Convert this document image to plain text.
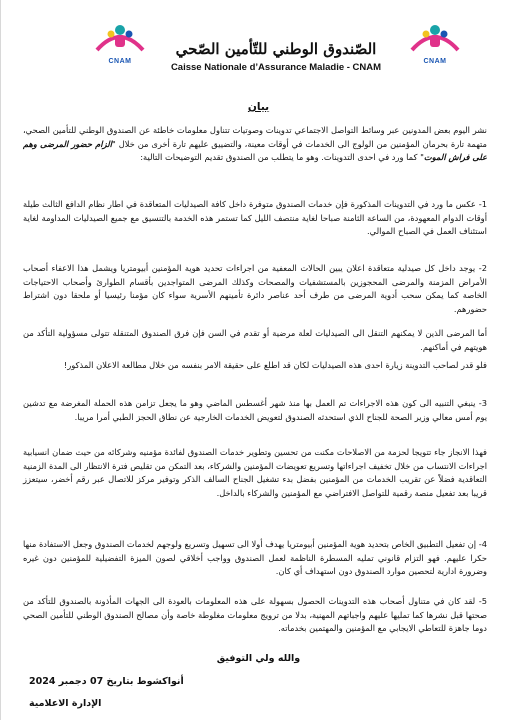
CNAM	CNAM
الصّندوق الوطني للتّأمين الصّحي
Caisse Nationale d’Assurance Maladie - CNAM
بيان
نشر اليوم بعض المدونين عبر وسائط التواصل الاجتماعي تدوينات وصوتيات تتناول معلومات خاطئة عن الصندوق الوطني للتأمين الصحي، متهمة تارة بحرمان المؤمنين من الولوج الى الخدمات في أوقات معينة، والتضييق عليهم تارة أخرى من خلال "الزام حضور المرضى وهم على فراش الموت" كما ورد في احدى التدوينات. وهو ما يتطلب من الصندوق تقديم التوضيحات التالية:
1- عكس ما ورد في التدوينات المذكورة فإن خدمات الصندوق متوفرة داخل كافة الصيدليات المتعاقدة في اطار نظام الدافع الثالث طيلة أوقات الدوام المعهودة، من الساعة الثامنة صباحا لغاية منتصف الليل كما تستمر هذه الخدمة بالتنسيق مع جميع الصيدليات المداومة لغاية استئناف العمل في الصباح الموالي.
2- يوجد داخل كل صيدلية متعاقدة اعلان يبين الحالات المعفية من اجراءات تحديد هوية المؤمنين أبيومتريا ويشمل هذا الاعفاء أصحاب الأمراض المزمنة والمرضى المحجوزين بالمستشفيات والمصحات وكذلك المرضى المتواجدين بأقسام الطوارئ وأصحاب الاحتياجات الخاصة كما يمكن سحب أدوية المرضى من طرف أحد عناصر دائرة تأمينهم الأسرية سواء كان مؤمنا رئيسيا أو ملحقا دون اشتراط حضورهم.
أما المرضى الذين لا يمكنهم التنقل الى الصيدليات لعلة مرضية أو تقدم في السن فإن فرق الصندوق المتنقلة تتولى مسؤولية التأكد من هويتهم في أماكنهم.
فلو قدر لصاحب التدوينة زيارة احدى هذه الصيدليات لكان قد اطلع على حقيقة الامر بنفسه من خلال مطالعة الاعلان المذكور!
3- ينبغي التنبيه الى كون هذه الاجراءات تم العمل بها منذ شهر أغسطس الماضي وهو ما يجعل تزامن هذه الحملة المغرضة مع تدشين يوم أمس معالي وزير الصحة للجناح الذي استحدثه الصندوق لتعويض الخدمات الخارجية عن نطاق الحجز الطبي أمرا مريبا.
فهذا الانجاز جاء تتويجا لحزمة من الاصلاحات مكنت من تحسين وتطوير خدمات الصندوق لفائدة مؤمنيه وشركائه من حيث ضمان انسيابية اجراءات الانتساب من خلال تخفيف اجراءاتها وتسريع تعويضات المؤمنين والشركاء، بعد التمكن من تقليص فترة الانتظار الى المدة الزمنية التعاقدية فضلاً عن تقريب الخدمات من المؤمنين بفضل بدء تشغيل الجناح السالف الذكر وتوفير مركز للاتصال عبر رقم أخضر، سيتعزز قريبا بعد تفعيل منصة رقمية للتواصل الافتراضي مع المؤمنين والشركاء بالداخل.
4- إن تفعيل التطبيق الخاص بتحديد هوية المؤمنين أبيومتريا يهدف أولا الى تسهيل وتسريع ولوجهم لخدمات الصندوق وجعل الاستفادة منها حكرا عليهم. فهو التزام قانوني تمليه المسطرة الناظمة لعمل الصندوق وواجب أخلاقي لصون الميزة التفضيلية للمؤمنين دون غيره وضرورة ادارية لتحصين موارد الصندوق دون استهداف أي كان.
5- لقد كان في متناول أصحاب هذه التدوينات الحصول بسهولة على هذه المعلومات بالعودة الى الجهات المأذونة بالصندوق للتأكد من صحتها قبل نشرها كما تمليها عليهم واجباتهم المهنية، بدلا من ترويج معلومات مغلوطة خاصة وأن مصالح الصندوق الوطني للتأمين الصحي دوما جاهزة للتعاطي الايجابي مع المؤمنين والمهتمين بخدماته.
والله ولي التوفيق
أنواكشوط بتاريخ 07 دجمبر 2024
الإدارة الاعلامية
